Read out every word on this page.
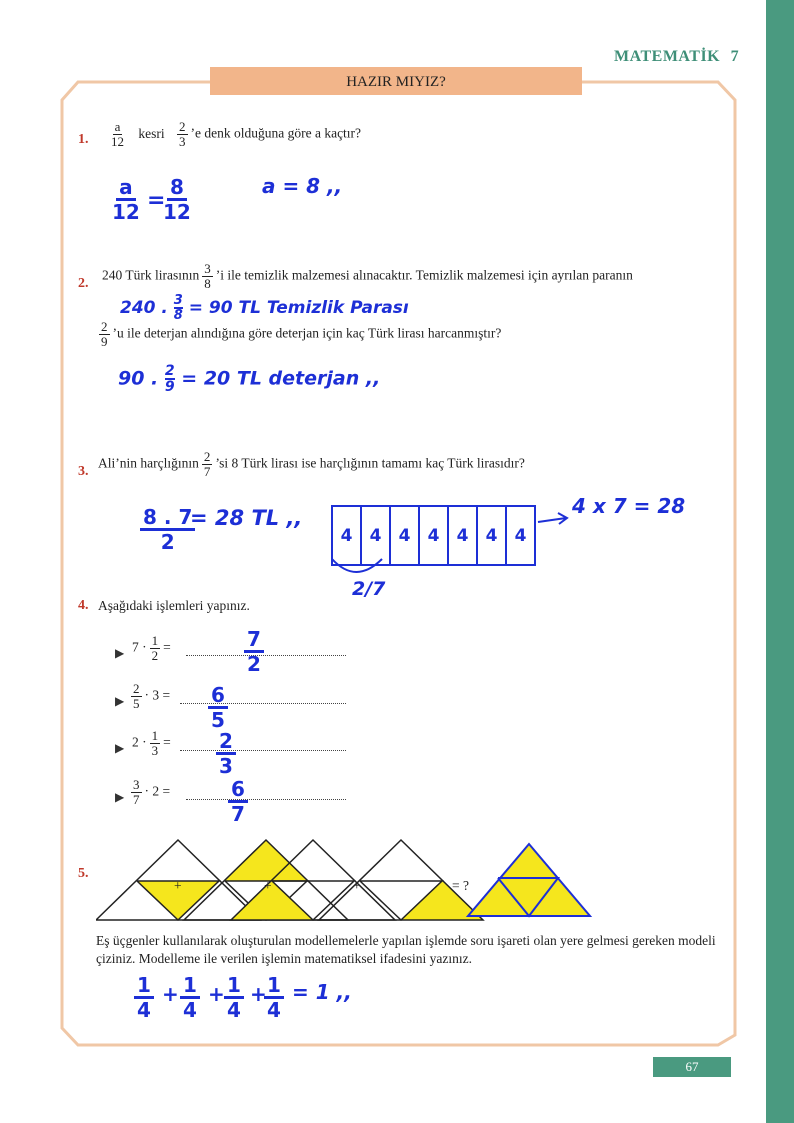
MATEMATİK 7
HAZIR MIYIZ?
1. $\frac{a}{12}$ kesri $\frac{2}{3}$ ’e denk olduğuna göre a kaçtır?
a
12 =
8
12
a = 8 ,,
2.
240 Türk lirasının $\frac{3}{8}$ ’i ile temizlik malzemesi alınacaktır. Temizlik malzemesi için ayrılan paranın
240 . $\frac{3}{8} = 90$ TL Temizlik Parası
$\frac{2}{9}$ ’u ile deterjan alındığına göre deterjan için kaç Türk lirası harcanmıştır?
90 . $\frac{2}{9} = 20$ TL deterjan ,,
3.
Ali’nin harçlığının $\frac{2}{7}$ ’si 8 Türk lirası ise harçlığının tamamı kaç Türk lirasıdır?
8 . 7
2
= 28 TL ,,
4	4	4	4	4	4	4
2/7
4 x 7 = 28
4. Aşağıdaki işlemleri yapınız.
▶ $7 \cdot \frac{1}{2}$ =	7
2
▶ $\frac{2}{5} \cdot 3 = 6$
5
▶ $2 \cdot \frac{1}{3} = 2$
3
▶ $\frac{3}{7} \cdot 2$ =	6
7
5.
+	+	+	= ?
Eş üçgenler kullanılarak oluşturulan modellemelerle yapılan işlemde soru işareti olan yere gelmesi gereken modeli çiziniz. Modelleme ile verilen işlemin matematiksel ifadesini yazınız.
1
4
+ 1
4
+ 1
4
+ 1
4
= 1 ,,
67
